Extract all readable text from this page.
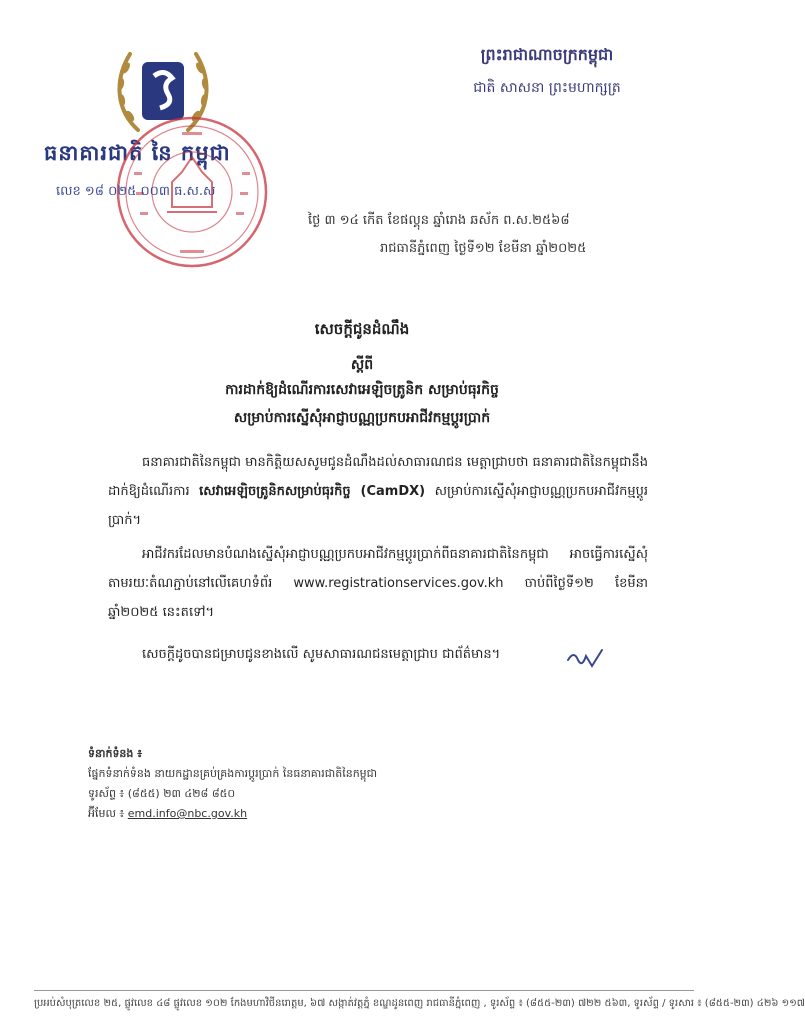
ព្រះរាជាណាចក្រកម្ពុជា
ជាតិ សាសនា ព្រះមហាក្សត្រ
ធនាគារជាតិ នៃ កម្ពុជា
លេខ ១៨ ០២៥ ០០៣ ធ.ស.ស
ថ្ងៃ ៣ ១៤ កើត ខែផល្គុន ឆ្នាំរោង ឆស័ក ព.ស.២៥៦៨
រាជធានីភ្នំពេញ ថ្ងៃទី១២ ខែមីនា ឆ្នាំ២០២៥
សេចក្ដីជូនដំណឹង
ស្ដីពី
ការដាក់ឱ្យដំណើរការសេវាអេឡិចត្រូនិក សម្រាប់ធុរកិច្ច
សម្រាប់ការស្នើសុំអាជ្ញាបណ្ណប្រកបអាជីវកម្មប្ដូរប្រាក់
ធនាគារជាតិនៃកម្ពុជា មានកិត្តិយសសូមជូនដំណឹងដល់សាធារណជន មេត្តាជ្រាបថា ធនាគារជាតិនៃកម្ពុជានឹងដាក់ឱ្យដំណើរការ សេវាអេឡិចត្រូនិកសម្រាប់ធុរកិច្ច (CamDX) សម្រាប់ការស្នើសុំអាជ្ញាបណ្ណប្រកបអាជីវកម្មប្ដូរប្រាក់។
អាជីវករដែលមានបំណងស្នើសុំអាជ្ញាបណ្ណប្រកបអាជីវកម្មប្ដូរប្រាក់ពីធនាគារជាតិនៃកម្ពុជា អាចធ្វើការស្នើសុំតាមរយៈតំណភ្ជាប់នៅលើគេហទំព័រ www.registrationservices.gov.kh ចាប់ពីថ្ងៃទី១២ ខែមីនា ឆ្នាំ២០២៥ នេះតទៅ។
សេចក្ដីដូចបានជម្រាបជូនខាងលើ សូមសាធារណជនមេត្តាជ្រាប ជាព័ត៌មាន។
ទំនាក់ទំនង ៖
ផ្នែកទំនាក់ទំនង នាយកដ្ឋានគ្រប់គ្រងការប្ដូរប្រាក់ នៃធនាគារជាតិនៃកម្ពុជា
ទូរស័ព្ទ ៖ (៨៥៥) ២៣ ៤២៨ ៨៥០
អ៊ីមែល ៖ emd.info@nbc.gov.kh
ប្រអប់សំបុត្រលេខ ២៥, ផ្លូវលេខ ៤៨ ផ្លូវលេខ ១០២ កែងមហាវិថីនរោត្តម, ៦៧ សង្កាត់វត្តភ្នំ ខណ្ឌដូនពេញ រាជធានីភ្នំពេញ , ទូរស័ព្ទ ៖ (៨៥៥-២៣) ៧២២ ៥៦៣, ទូរស័ព្ទ / ទូរសារ ៖ (៨៥៥-២៣) ៤២៦ ១១៧
